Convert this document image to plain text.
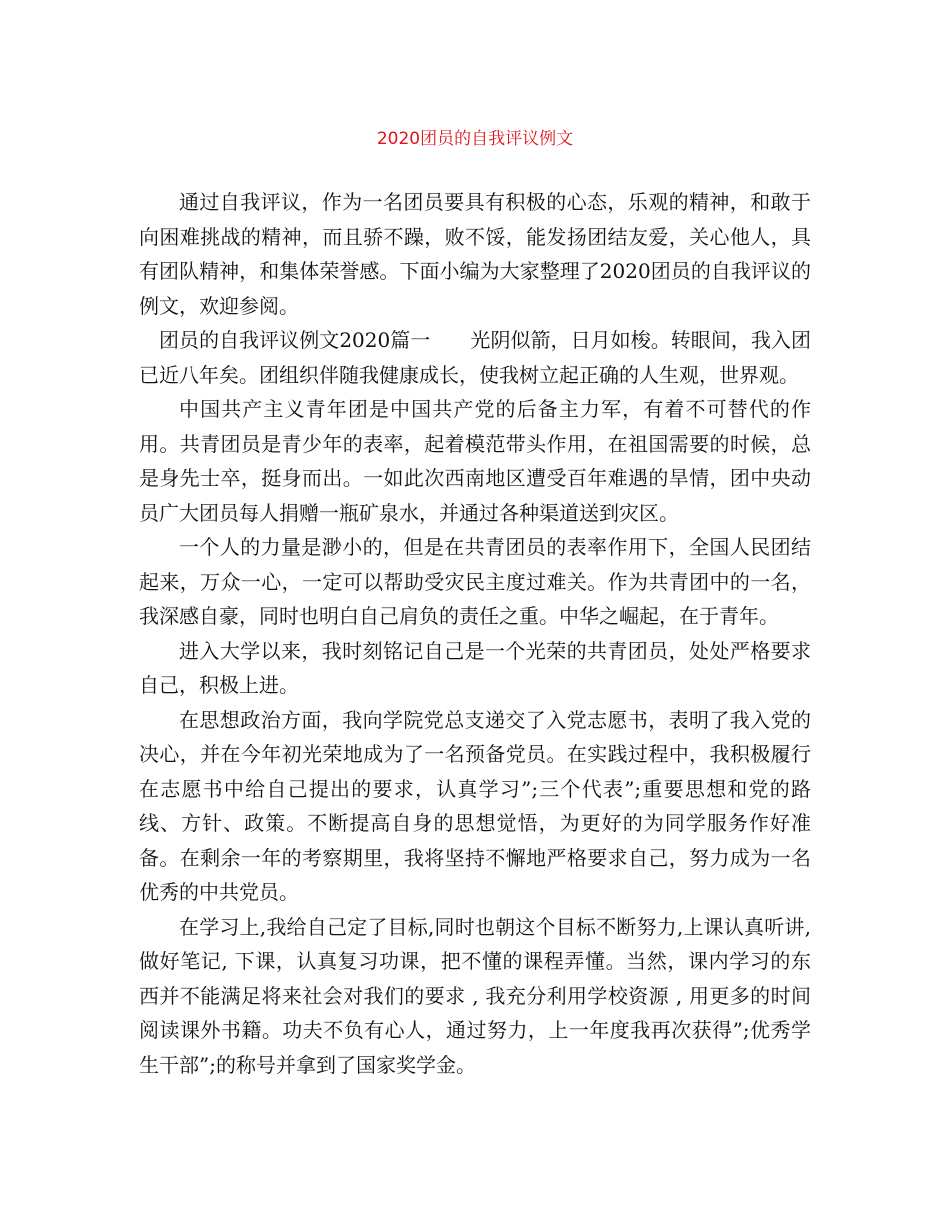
2020团员的自我评议例文

通过自我评议，作为一名团员要具有积极的心态，乐观的精神，和敢于向困难挑战的精神，而且骄不躁，败不馁，能发扬团结友爱，关心他人，具有团队精神，和集体荣誉感。下面小编为大家整理了2020团员的自我评议的例文，欢迎参阅。

团员的自我评议例文2020篇一　　光阴似箭，日月如梭。转眼间，我入团已近八年矣。团组织伴随我健康成长，使我树立起正确的人生观，世界观。

中国共产主义青年团是中国共产党的后备主力军，有着不可替代的作用。共青团员是青少年的表率，起着模范带头作用，在祖国需要的时候，总是身先士卒，挺身而出。一如此次西南地区遭受百年难遇的旱情，团中央动员广大团员每人捐赠一瓶矿泉水，并通过各种渠道送到灾区。

一个人的力量是渺小的，但是在共青团员的表率作用下，全国人民团结起来，万众一心，一定可以帮助受灾民主度过难关。作为共青团中的一名，我深感自豪，同时也明白自己肩负的责任之重。中华之崛起，在于青年。

进入大学以来，我时刻铭记自己是一个光荣的共青团员，处处严格要求自己，积极上进。

在思想政治方面，我向学院党总支递交了入党志愿书，表明了我入党的决心，并在今年初光荣地成为了一名预备党员。在实践过程中，我积极履行在志愿书中给自己提出的要求，认真学习”;三个代表”;重要思想和党的路线、方针、政策。不断提高自身的思想觉悟，为更好的为同学服务作好准备。在剩余一年的考察期里，我将坚持不懈地严格要求自己，努力成为一名优秀的中共党员。

在学习上,我给自己定了目标,同时也朝这个目标不断努力,上课认真听讲,做好笔记, 下课，认真复习功课，把不懂的课程弄懂。当然，课内学习的东西并不能满足将来社会对我们的要求 , 我充分利用学校资源 , 用更多的时间阅读课外书籍。功夫不负有心人，通过努力，上一年度我再次获得”;优秀学生干部”;的称号并拿到了国家奖学金。
